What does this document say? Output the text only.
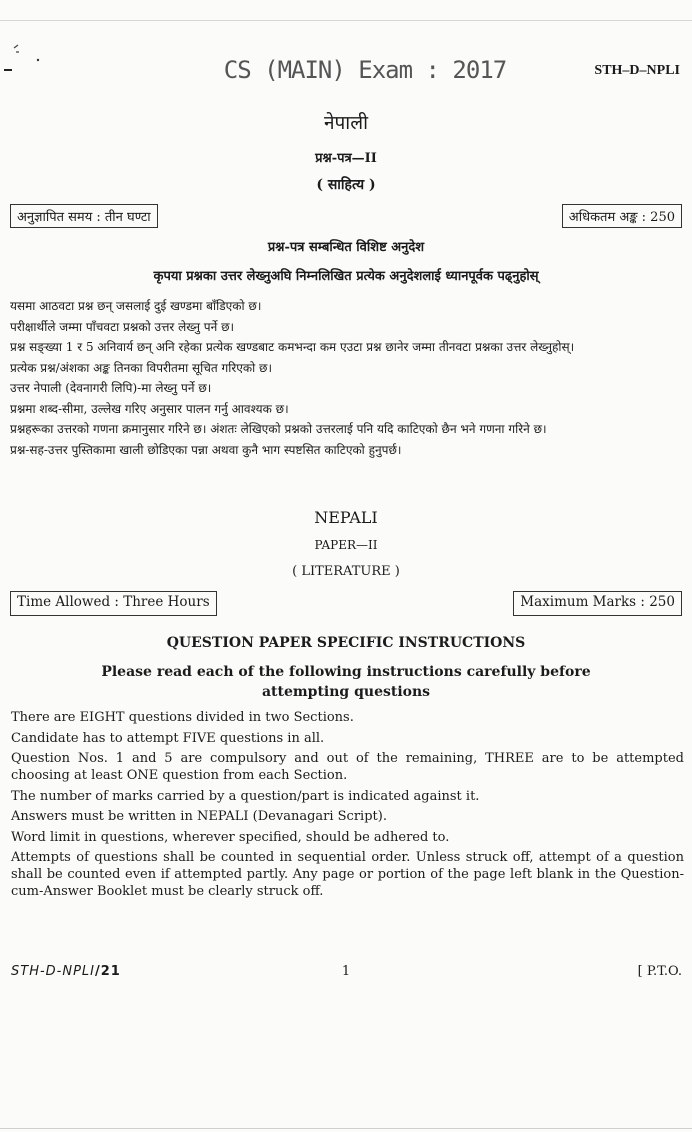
CS (MAIN) Exam : 2017	STH–D–NPLI
नेपाली
प्रश्न-पत्र—II
( साहित्य )
अनुज्ञापित समय : तीन घण्टा	अधिकतम अङ्क : 250
प्रश्न-पत्र सम्बन्धित विशिष्ट अनुदेश
कृपया प्रश्नका उत्तर लेख्नुअघि निम्नलिखित प्रत्येक अनुदेशलाई ध्यानपूर्वक पढ्नुहोस्
यसमा आठवटा प्रश्न छन् जसलाई दुई खण्डमा बाँडिएको छ।
परीक्षार्थीले जम्मा पाँचवटा प्रश्नको उत्तर लेख्नु पर्ने छ।
प्रश्न सङ्ख्या 1 र 5 अनिवार्य छन् अनि रहेका प्रत्येक खण्डबाट कमभन्दा कम एउटा प्रश्न छानेर जम्मा तीनवटा प्रश्नका उत्तर लेख्नुहोस्।
प्रत्येक प्रश्न/अंशका अङ्क तिनका विपरीतमा सूचित गरिएको छ।
उत्तर नेपाली (देवनागरी लिपि)-मा लेख्नु पर्ने छ।
प्रश्नमा शब्द-सीमा, उल्लेख गरिए अनुसार पालन गर्नु आवश्यक छ।
प्रश्नहरूका उत्तरको गणना क्रमानुसार गरिने छ। अंशतः लेखिएको प्रश्नको उत्तरलाई पनि यदि काटिएको छैन भने गणना गरिने छ।
प्रश्न-सह-उत्तर पुस्तिकामा खाली छोडिएका पन्ना अथवा कुनै भाग स्पष्टसित काटिएको हुनुपर्छ।
NEPALI
PAPER—II
( LITERATURE )
Time Allowed : Three Hours	Maximum Marks : 250
QUESTION PAPER SPECIFIC INSTRUCTIONS
Please read each of the following instructions carefully before attempting questions
There are EIGHT questions divided in two Sections.
Candidate has to attempt FIVE questions in all.
Question Nos. 1 and 5 are compulsory and out of the remaining, THREE are to be attempted choosing at least ONE question from each Section.
The number of marks carried by a question/part is indicated against it.
Answers must be written in NEPALI (Devanagari Script).
Word limit in questions, wherever specified, should be adhered to.
Attempts of questions shall be counted in sequential order. Unless struck off, attempt of a question shall be counted even if attempted partly. Any page or portion of the page left blank in the Question-cum-Answer Booklet must be clearly struck off.
STH-D-NPLI/21	1	[ P.T.O.
